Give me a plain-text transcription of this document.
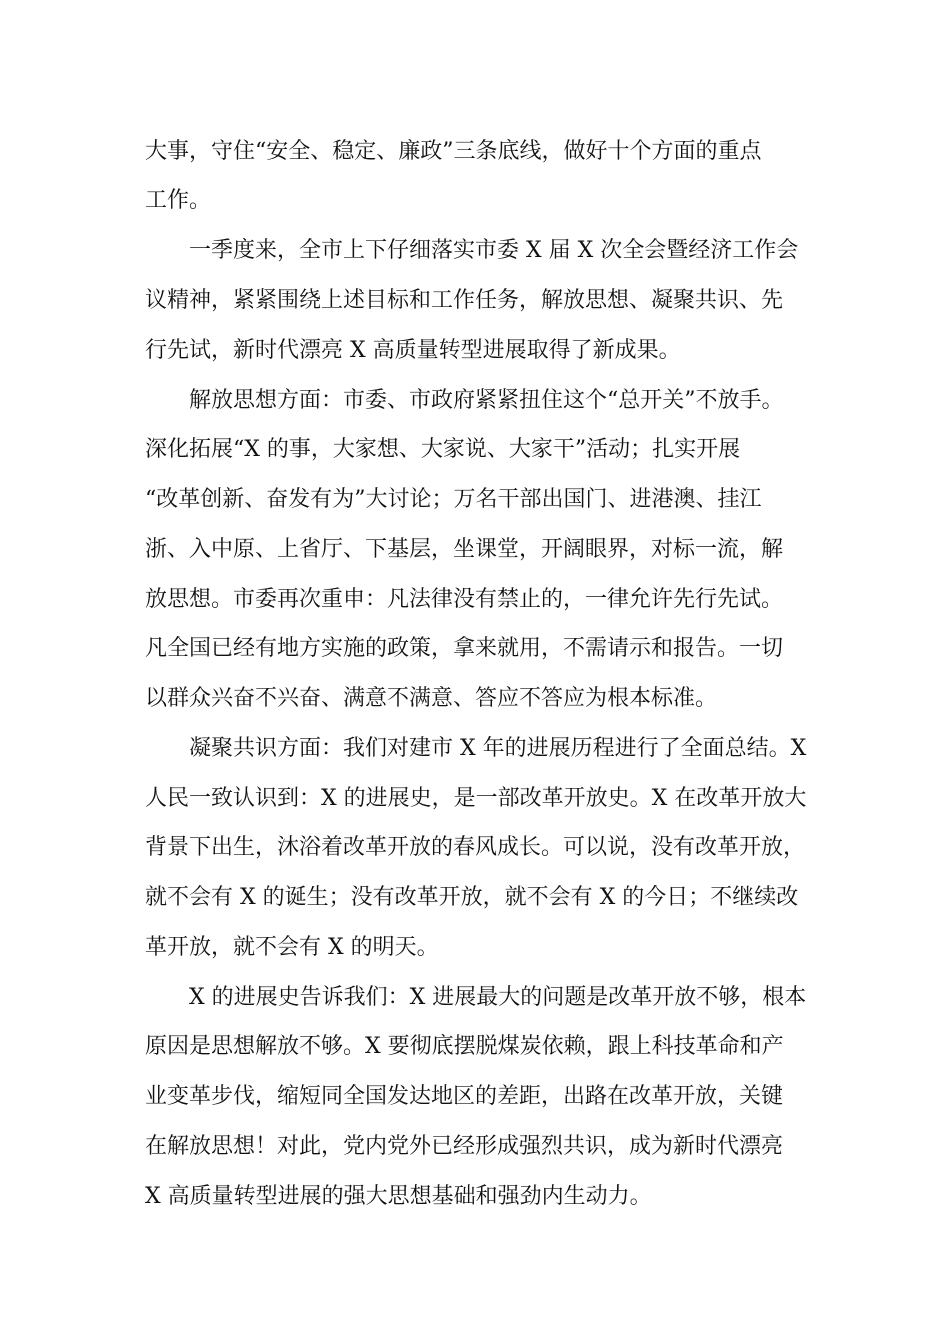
大事，守住“安全、稳定、廉政”三条底线，做好十个方面的重点
工作。
一季度来，全市上下仔细落实市委 X 届 X 次全会暨经济工作会
议精神，紧紧围绕上述目标和工作任务，解放思想、凝聚共识、先
行先试，新时代漂亮 X 高质量转型进展取得了新成果。
解放思想方面：市委、市政府紧紧扭住这个“总开关”不放手。
深化拓展“X 的事，大家想、大家说、大家干”活动；扎实开展
“改革创新、奋发有为”大讨论；万名干部出国门、进港澳、挂江
浙、入中原、上省厅、下基层，坐课堂，开阔眼界，对标一流，解
放思想。市委再次重申：凡法律没有禁止的，一律允许先行先试。
凡全国已经有地方实施的政策，拿来就用，不需请示和报告。一切
以群众兴奋不兴奋、满意不满意、答应不答应为根本标准。
凝聚共识方面：我们对建市 X 年的进展历程进行了全面总结。X
人民一致认识到：X 的进展史，是一部改革开放史。X 在改革开放大
背景下出生，沐浴着改革开放的春风成长。可以说，没有改革开放，
就不会有 X 的诞生；没有改革开放，就不会有 X 的今日；不继续改
革开放，就不会有 X 的明天。
X 的进展史告诉我们：X 进展最大的问题是改革开放不够，根本
原因是思想解放不够。X 要彻底摆脱煤炭依赖，跟上科技革命和产
业变革步伐，缩短同全国发达地区的差距，出路在改革开放，关键
在解放思想！对此，党内党外已经形成强烈共识，成为新时代漂亮
X 高质量转型进展的强大思想基础和强劲内生动力。
